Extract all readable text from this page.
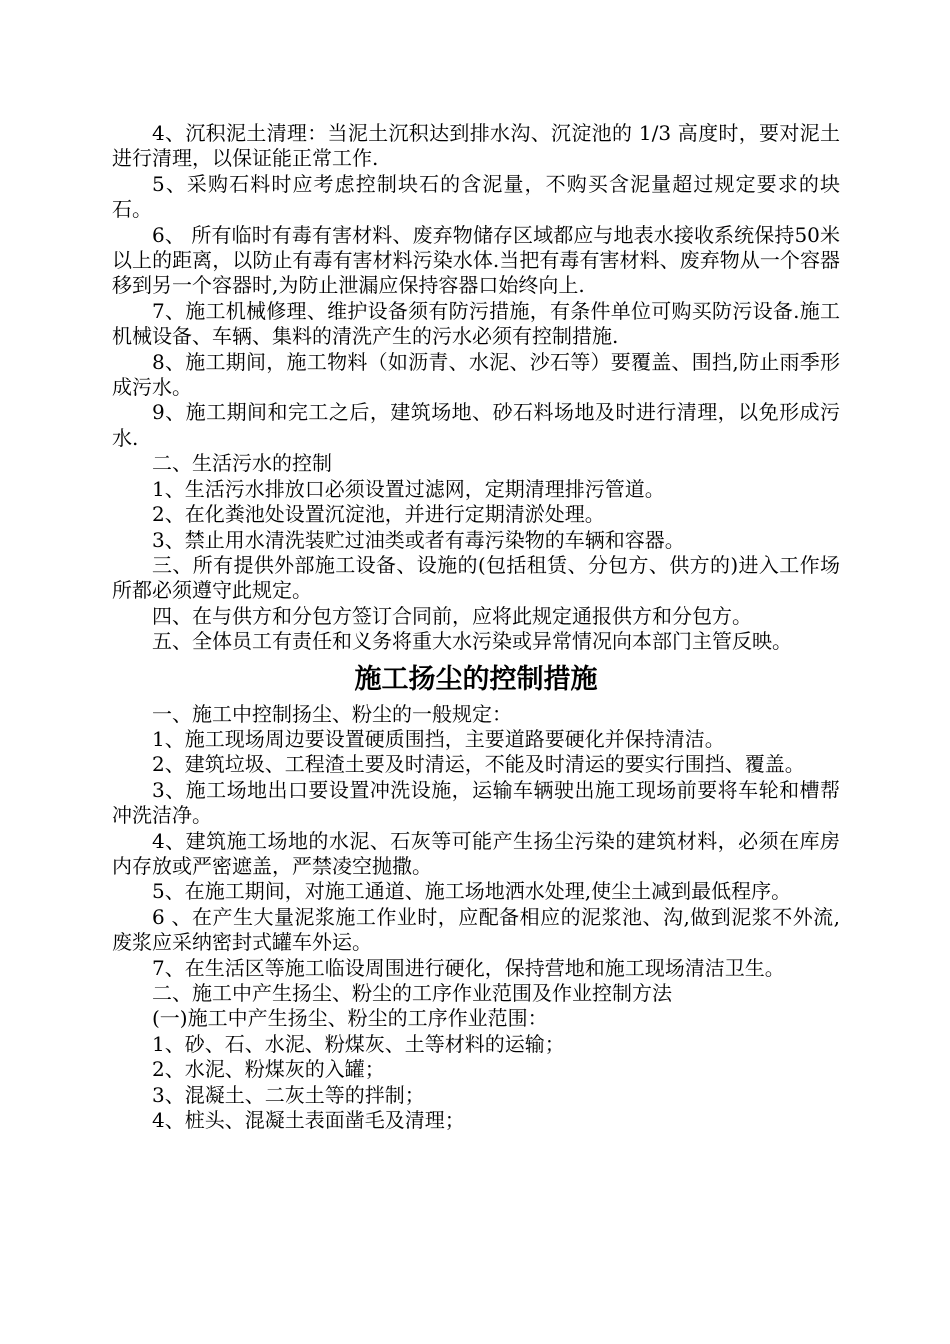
4、沉积泥土清理：当泥土沉积达到排水沟、沉淀池的 1/3 高度时，要对泥土进行清理，以保证能正常工作.

5、采购石料时应考虑控制块石的含泥量，不购买含泥量超过规定要求的块石。

6、 所有临时有毒有害材料、废弃物储存区域都应与地表水接收系统保持50米以上的距离，以防止有毒有害材料污染水体.当把有毒有害材料、废弃物从一个容器移到另一个容器时,为防止泄漏应保持容器口始终向上.

7、施工机械修理、维护设备须有防污措施，有条件单位可购买防污设备.施工机械设备、车辆、集料的清洗产生的污水必须有控制措施.

8、施工期间，施工物料（如沥青、水泥、沙石等）要覆盖、围挡,防止雨季形成污水。

9、施工期间和完工之后，建筑场地、砂石料场地及时进行清理，以免形成污水.

二、生活污水的控制

1、生活污水排放口必须设置过滤网，定期清理排污管道。

2、在化粪池处设置沉淀池，并进行定期清淤处理。

3、禁止用水清洗装贮过油类或者有毒污染物的车辆和容器。

三、所有提供外部施工设备、设施的(包括租赁、分包方、供方的)进入工作场所都必须遵守此规定。

四、在与供方和分包方签订合同前，应将此规定通报供方和分包方。

五、全体员工有责任和义务将重大水污染或异常情况向本部门主管反映。

施工扬尘的控制措施

一、施工中控制扬尘、粉尘的一般规定：

1、施工现场周边要设置硬质围挡，主要道路要硬化并保持清洁。

2、建筑垃圾、工程渣土要及时清运，不能及时清运的要实行围挡、覆盖。

3、施工场地出口要设置冲洗设施，运输车辆驶出施工现场前要将车轮和槽帮冲洗洁净。

4、建筑施工场地的水泥、石灰等可能产生扬尘污染的建筑材料，必须在库房内存放或严密遮盖，严禁凌空抛撒。

5、在施工期间，对施工通道、施工场地洒水处理,使尘土减到最低程序。

6 、在产生大量泥浆施工作业时，应配备相应的泥浆池、沟,做到泥浆不外流,废浆应采纳密封式罐车外运。

7、在生活区等施工临设周围进行硬化，保持营地和施工现场清洁卫生。

二、施工中产生扬尘、粉尘的工序作业范围及作业控制方法

(一)施工中产生扬尘、粉尘的工序作业范围：

1、砂、石、水泥、粉煤灰、土等材料的运输；

2、水泥、粉煤灰的入罐；

3、混凝土、二灰土等的拌制；

4、桩头、混凝土表面凿毛及清理；
